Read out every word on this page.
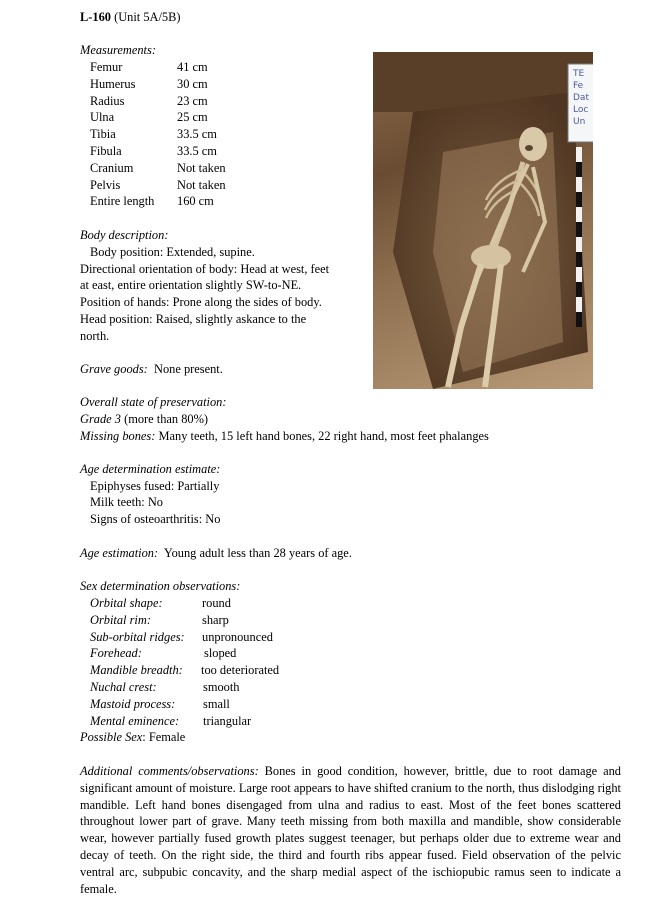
L-160 (Unit 5A/5B)
Measurements:
Femur	41 cm
Humerus	30 cm
Radius	23 cm
Ulna	25 cm
Tibia	33.5 cm
Fibula	33.5 cm
Cranium	Not taken
Pelvis	Not taken
Entire length 160 cm
TE
Fe
Dat
Loc
Un
Body description:
Body position: Extended, supine.
Directional orientation of body: Head at west, feet
at east, entire orientation slightly SW-to-NE.
Position of hands: Prone along the sides of body.
Head position: Raised, slightly askance to the
north.
Grave goods: None present.
Overall state of preservation:
Grade 3 (more than 80%)
Missing bones: Many teeth, 15 left hand bones, 22 right hand, most feet phalanges
Age determination estimate:
Epiphyses fused: Partially
Milk teeth: No
Signs of osteoarthritis: No
Age estimation: Young adult less than 28 years of age.
Sex determination observations:
Orbital shape:	round
Orbital rim:	sharp
Sub-orbital ridges: unpronounced
Forehead:	sloped
Mandible breadth: too deteriorated
Nuchal crest:	smooth
Mastoid process: small
Mental eminence: triangular
Possible Sex: Female
Additional comments/observations: Bones in good condition, however, brittle, due to root damage and significant amount of moisture. Large root appears to have shifted cranium to the north, thus dislodging right mandible. Left hand bones disengaged from ulna and radius to east. Most of the feet bones scattered throughout lower part of grave. Many teeth missing from both maxilla and mandible, show considerable wear, however partially fused growth plates suggest teenager, but perhaps older due to extreme wear and decay of teeth. On the right side, the third and fourth ribs appear fused. Field observation of the pelvic ventral arc, subpubic concavity, and the sharp medial aspect of the ischiopubic ramus seen to indicate a female.
